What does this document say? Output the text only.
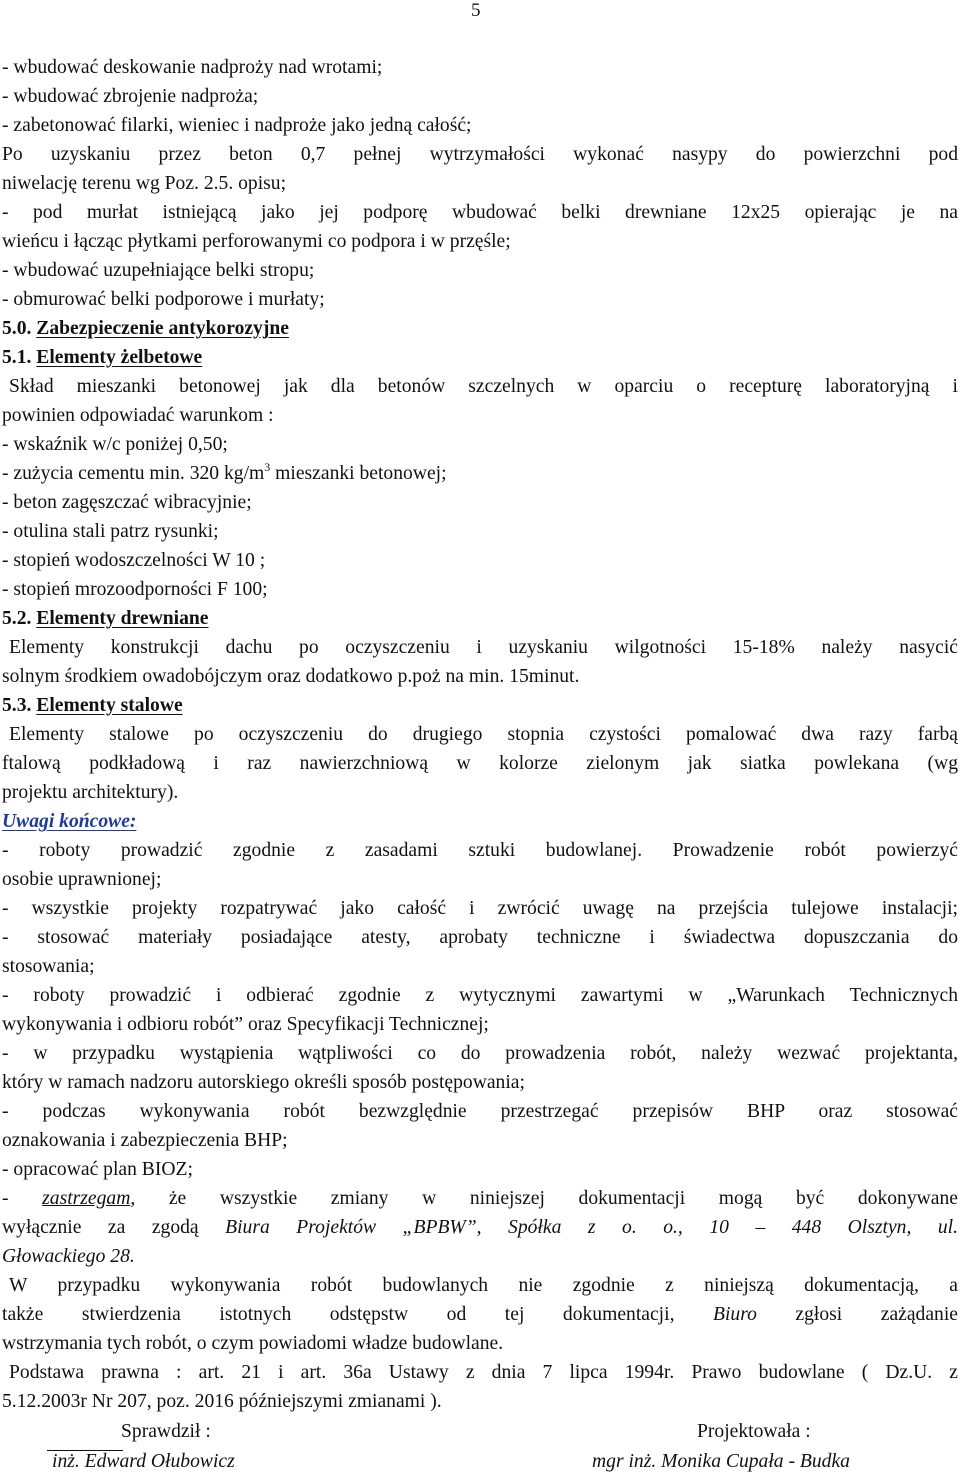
5
- wbudować deskowanie nadproży nad wrotami;
- wbudować zbrojenie nadproża;
- zabetonować filarki, wieniec i nadproże jako jedną całość;
Po uzyskaniu przez beton 0,7 pełnej wytrzymałości wykonać nasypy do powierzchni pod
niwelację terenu wg Poz. 2.5. opisu;
- pod murłat istniejącą jako jej podporę wbudować belki drewniane 12x25 opierając je na
wieńcu i łącząc płytkami perforowanymi co podpora i w przęśle;
- wbudować uzupełniające belki stropu;
- obmurować belki podporowe i murłaty;
5.0. Zabezpieczenie antykorozyjne
5.1. Elementy żelbetowe
Skład mieszanki betonowej jak dla betonów szczelnych w oparciu o recepturę laboratoryjną i
powinien odpowiadać warunkom :
- wskaźnik w/c poniżej 0,50;
- zużycia cementu min. 320 $kg/m^3$ mieszanki betonowej;
- beton zagęszczać wibracyjnie;
- otulina stali patrz rysunki;
- stopień wodoszczelności W 10 ;
- stopień mrozoodporności F 100;
5.2. Elementy drewniane
Elementy konstrukcji dachu po oczyszczeniu i uzyskaniu wilgotności 15-18% należy nasycić
solnym środkiem owadobójczym oraz dodatkowo p.poż na min. 15minut.
5.3. Elementy stalowe
Elementy stalowe po oczyszczeniu do drugiego stopnia czystości pomalować dwa razy farbą
ftalową podkładową i raz nawierzchniową w kolorze zielonym jak siatka powlekana (wg
projektu architektury).
Uwagi końcowe:
- roboty prowadzić zgodnie z zasadami sztuki budowlanej. Prowadzenie robót powierzyć
osobie uprawnionej;
- wszystkie projekty rozpatrywać jako całość i zwrócić uwagę na przejścia tulejowe instalacji;
- stosować materiały posiadające atesty, aprobaty techniczne i świadectwa dopuszczania do
stosowania;
- roboty prowadzić i odbierać zgodnie z wytycznymi zawartymi w „Warunkach Technicznych
wykonywania i odbioru robót” oraz Specyfikacji Technicznej;
- w przypadku wystąpienia wątpliwości co do prowadzenia robót, należy wezwać projektanta,
który w ramach nadzoru autorskiego określi sposób postępowania;
- podczas wykonywania robót bezwzględnie przestrzegać przepisów BHP oraz stosować
oznakowania i zabezpieczenia BHP;
- opracować plan BIOZ;
- zastrzegam, że wszystkie zmiany w niniejszej dokumentacji mogą być dokonywane
wyłącznie za zgodą Biura Projektów „BPBW”, Spółka z o. o., 10 – 448 Olsztyn, ul.
Głowackiego 28.
W przypadku wykonywania robót budowlanych nie zgodnie z niniejszą dokumentacją, a
także stwierdzenia istotnych odstępstw od tej dokumentacji, Biuro zgłosi zażądanie
wstrzymania tych robót, o czym powiadomi władze budowlane.
Podstawa prawna : art. 21 i art. 36a Ustawy z dnia 7 lipca 1994r. Prawo budowlane ( Dz.U. z
5.12.2003r Nr 207, poz. 2016 późniejszymi zmianami ).
Sprawdził :
inż. Edward Ołubowicz
Projektowała :
mgr inż. Monika Cupała - Budka
